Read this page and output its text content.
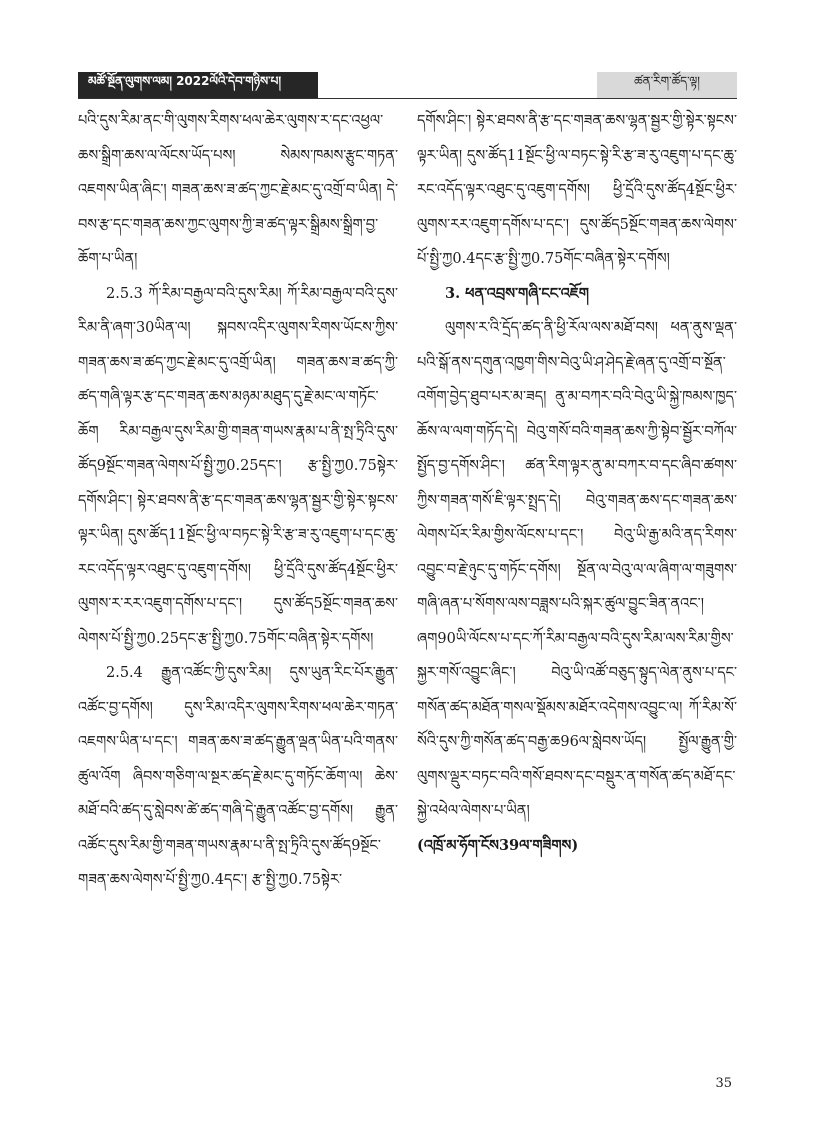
མཚོ་སྔོན་ལུགས་ལམ། 2022ལོའི་དེབ་གཉིས་པ།	ཚན་རིག་ཚོད་ལྟ།

པའི་དུས་རིམ་ནང་གི་ལུགས་རིགས་ཕལ་ཆེར་ལུགས་ར་དང་འཕྱལ་ཆས་སྒྲིག་ཆས་ལ་ལོངས་ཡོད་པས། སེམས་ཁམས་རྩུང་གཏན་འཇགས་ཡིན་ཞིང་། གཟན་ཆས་ཟ་ཚད་ཀྱང་རྗེ་མང་དུ་འགྲོ་བ་ཡིན། དེ་བས་རྩ་དང་གཟན་ཆས་ཀྱང་ལུགས་ཀྱི་ཟ་ཚད་ལྟར་སྒྲིམས་སྒྲིག་བྱ་ཆོག་པ་ཡིན།

2.5.3 ཀོ་རིམ་བརྒྱལ་བའི་དུས་རིམ། ཀོ་རིམ་བརྒྱལ་བའི་དུས་རིམ་ནི་ཞག་30ཡིན་ལ། སྐབས་འདིར་ལུགས་རིགས་ཡོངས་ཀྱིས་གཟན་ཆས་ཟ་ཚད་ཀྱང་རྗེ་མང་དུ་འགྲོ་ཡིན། གཟན་ཆས་ཟ་ཚད་ཀྱི་ཚད་གཞི་ལྟར་རྩ་དང་གཟན་ཆས་མཉམ་མཐུད་དུ་རྗེ་མང་ལ་གཏོང་ཆོག རིམ་བརྒྱལ་དུས་རིམ་གྱི་གཟན་གཡས་རྣམ་པ་ནི་སྤ་ཏྲིའི་དུས་ཚོད9སྔོང་གཟན་ལེགས་པོ་སྤྱི་ཀྱ0.25དང་། རྩ་སྤྱི་ཀྱ0.75སྟེར་དགོས་ཤིང་། སྟེར་ཐབས་ནི་རྩ་དང་གཟན་ཆས་ལྷན་སྦྱར་གྱི་སྟེར་སྟངས་ལྟར་ཡིན། དུས་ཚོད11སྔོང་ཕྱི་ལ་བཏང་སྟེ་རི་རྩ་ཟ་རུ་འཇུག་པ་དང་ཆུ་རང་འདོད་ལྟར་འཐུང་དུ་འཇུག་དགོས། ཕྱི་དྲོའི་དུས་ཚོད4སྔོང་ཕྱིར་ལུགས་ར་རར་འཇུག་དགོས་པ་དང་། དུས་ཚོད5སྔོང་གཟན་ཆས་ལེགས་པོ་སྤྱི་ཀྱ0.25དང་རྩ་སྤྱི་ཀྱ0.75གོང་བཞིན་སྟེར་དགོས།

2.5.4 རྒྱུན་འཚོང་ཀྱི་དུས་རིམ། དུས་ཡུན་རིང་པོར་རྒྱུན་འཚོང་བྱ་དགོས། དུས་རིམ་འདིར་ལུགས་རིགས་ཕལ་ཆེར་གཏན་འཇགས་ཡིན་པ་དང་། གཟན་ཆས་ཟ་ཚད་རྒྱུན་ལྡན་ཡིན་པའི་གནས་ཚུལ་འོག ཞིབས་གཅིག་ལ་སྔར་ཚད་རྗེ་མང་དུ་གཏོང་ཆོག་ལ། ཆེས་མཐོ་བའི་ཚད་དུ་སླེབས་ཚེ་ཚད་གཞི་དེ་རྒྱུན་འཚོང་བྱ་དགོས། རྒྱུན་འཚོང་དུས་རིམ་གྱི་གཟན་གཡས་རྣམ་པ་ནི་སྤ་ཏྲིའི་དུས་ཚོད9སྔོང་གཟན་ཆས་ལེགས་པོ་སྤྱི་ཀྱ0.4དང་། རྩ་སྤྱི་ཀྱ0.75སྟེར་

དགོས་ཤིང་། སྟེར་ཐབས་ནི་རྩ་དང་གཟན་ཆས་ལྷན་སྦྱར་གྱི་སྟེར་སྟངས་ལྟར་ཡིན། དུས་ཚོད11སྔོང་ཕྱི་ལ་བཏང་སྟེ་རི་རྩ་ཟ་རུ་འཇུག་པ་དང་ཆུ་རང་འདོད་ལྟར་འཐུང་དུ་འཇུག་དགོས། ཕྱི་དྲོའི་དུས་ཚོད4སྔོང་ཕྱིར་ལུགས་རར་འཇུག་དགོས་པ་དང་། དུས་ཚོད5སྔོང་གཟན་ཆས་ལེགས་པོ་སྤྱི་ཀྱ0.4དང་རྩ་སྤྱི་ཀྱ0.75གོང་བཞིན་སྟེར་དགོས།

3. ཕན་འབྲས་གཞི་ངང་འཇོག

ལུགས་ར་འི་དྲོད་ཚད་ནི་ཕྱི་རོལ་ལས་མཐོ་བས། ཕན་ནུས་ལྡན་པའི་སྒོ་ནས་དགུན་འཁྱག་གིས་བེའུ་ཡི་ཤ་ཤེད་རྗེ་ཞན་དུ་འགྲོ་བ་སྔོན་འགོག་བྱེད་ཐུབ་པར་མ་ཟད། ནུ་མ་བཀར་བའི་བེའུ་ཡི་སྐྱེ་ཁམས་ཁྱད་ཆོས་ལ་ལག་གཏོད་དེ། བེའུ་གསོ་བའི་གཟན་ཆས་ཀྱི་སྟེབ་སྦྱོར་བཀོལ་སྤྱོད་བྱ་དགོས་ཤིང་། ཚན་རིག་ལྟར་ནུ་མ་བཀར་བ་དང་ཞིབ་ཚགས་ཀྱིས་གཟན་གསོ་ཇི་ལྟར་སྤྲད་དེ། བེའུ་གཟན་ཆས་དང་གཟན་ཆས་ལེགས་པོར་རིམ་གྱིས་ལོངས་པ་དང་། བེའུ་ཡི་རྒྱ་མའི་ནད་རིགས་འབྱུང་བ་རྗེ་ཉུང་དུ་གཏོང་དགོས། སྔོན་ལ་བེའུ་ལ་ལ་ཞིག་ལ་གཟུགས་གཞི་ཞན་པ་སོགས་ལས་བཟླས་པའི་སྐར་ཚུལ་བྱུང་ཟིན་ནའང་། ཞག90ཡི་ལོངས་པ་དང་ཀོ་རིམ་བརྒྱལ་བའི་དུས་རིམ་ལས་རིམ་གྱིས་སྐྱར་གསོ་འབྱུང་ཞིང་། བེའུ་ཡི་འཚོ་བཅུད་སྟུད་ལེན་ནུས་པ་དང་གསོན་ཚད་མཐོན་གསལ་སྡོམས་མཐོར་འདེགས་འབྱུང་ལ། ཀོ་རིམ་སོ་སོའི་དུས་ཀྱི་གསོན་ཚད་བརྒྱ་ཆ96ལ་སླེབས་ཡོད། སྤྱོལ་རྒྱུན་གྱི་ལུགས་ལྡུར་བཏང་བའི་གསོ་ཐབས་དང་བསྡུར་ན་གསོན་ཚད་མཐོ་དང་སྐྱེ་འཕེལ་ལེགས་པ་ཡིན།

(འཁྲོ་མ་ཧོག་ངོས39ལ་གཟིགས)

35
